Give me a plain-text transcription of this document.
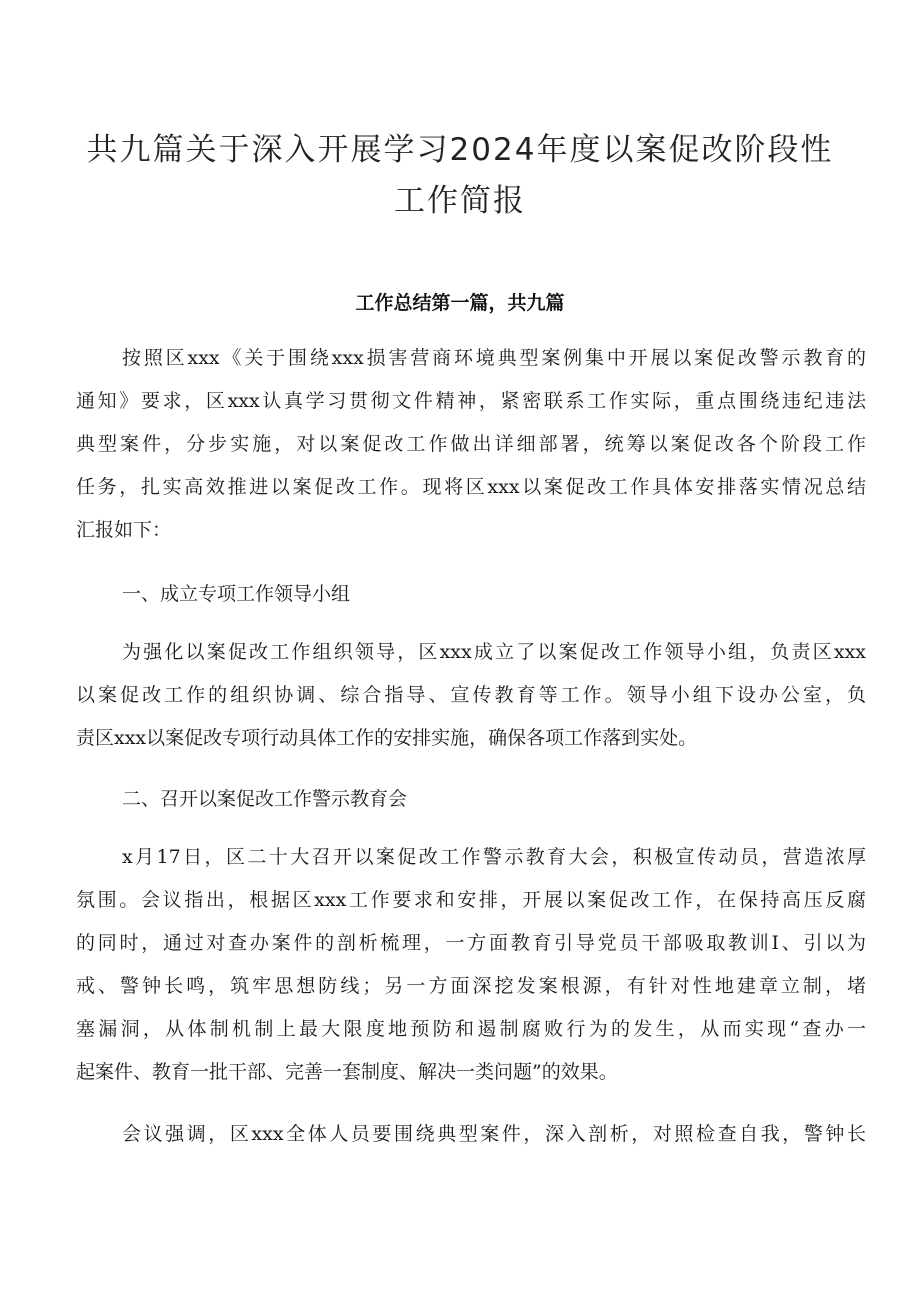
共九篇关于深入开展学习2024年度以案促改阶段性
工作简报
工作总结第一篇，共九篇
按照区xxx《关于围绕xxx损害营商环境典型案例集中开展以案促改警示教育的
通知》要求，区xxx认真学习贯彻文件精神，紧密联系工作实际，重点围绕违纪违法
典型案件，分步实施，对以案促改工作做出详细部署，统筹以案促改各个阶段工作
任务，扎实高效推进以案促改工作。现将区xxx以案促改工作具体安排落实情况总结
汇报如下：
一、成立专项工作领导小组
为强化以案促改工作组织领导，区xxx成立了以案促改工作领导小组，负责区xxx
以案促改工作的组织协调、综合指导、宣传教育等工作。领导小组下设办公室，负
责区xxx以案促改专项行动具体工作的安排实施，确保各项工作落到实处。
二、召开以案促改工作警示教育会
x月17日，区二十大召开以案促改工作警示教育大会，积极宣传动员，营造浓厚
氛围。会议指出，根据区xxx工作要求和安排，开展以案促改工作，在保持高压反腐
的同时，通过对查办案件的剖析梳理，一方面教育引导党员干部吸取教训I、引以为
戒、警钟长鸣，筑牢思想防线；另一方面深挖发案根源，有针对性地建章立制，堵
塞漏洞，从体制机制上最大限度地预防和遏制腐败行为的发生，从而实现“查办一
起案件、教育一批干部、完善一套制度、解决一类问题”的效果。
会议强调，区xxx全体人员要围绕典型案件，深入剖析，对照检查自我，警钟长
